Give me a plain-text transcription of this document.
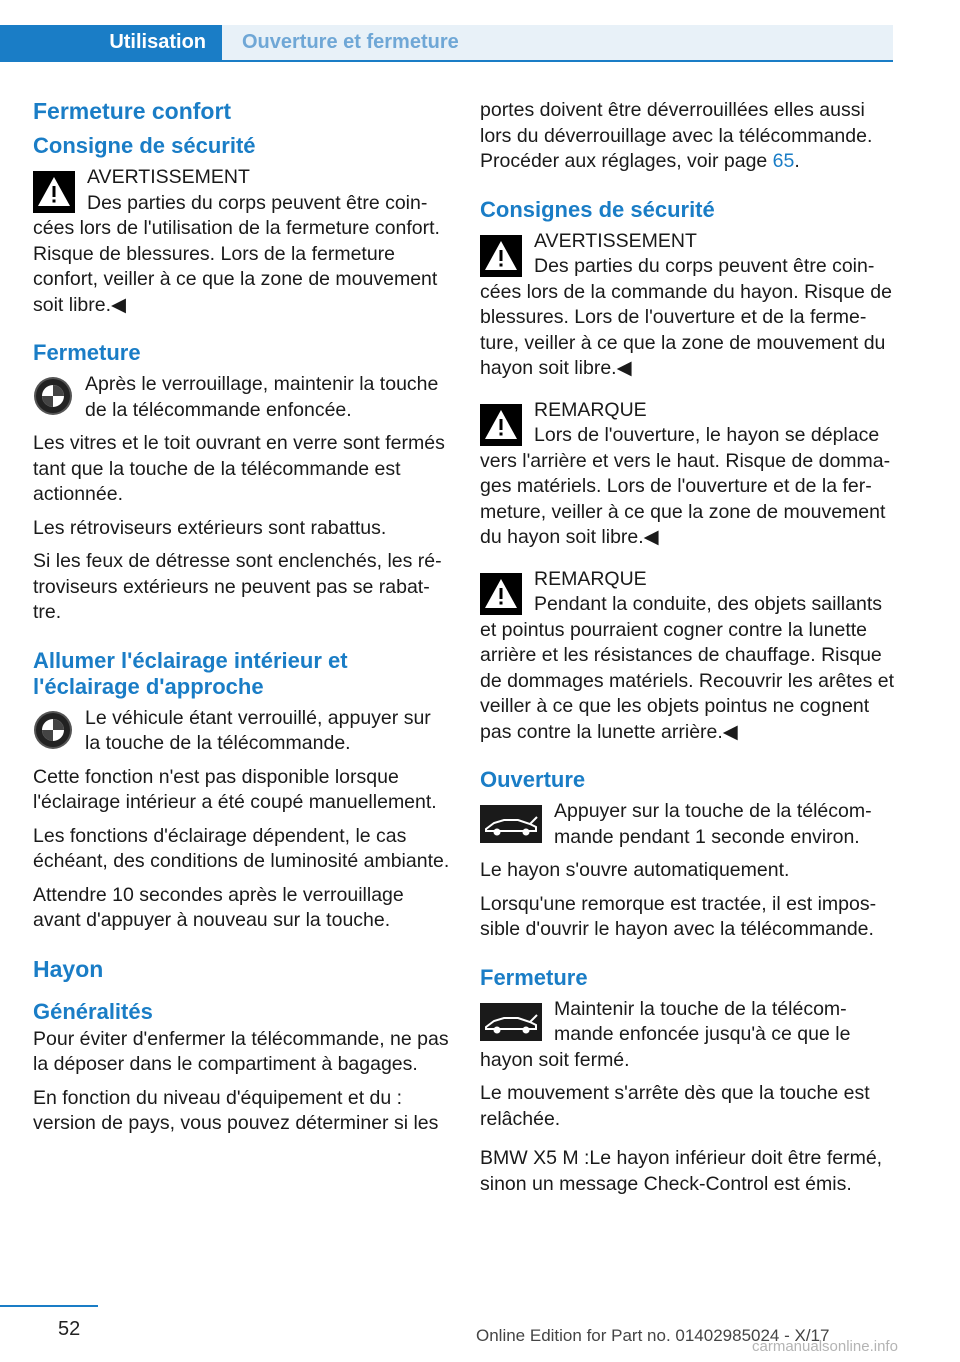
Utilisation	Ouverture et fermeture
Fermeture confort
Consigne de sécurité
AVERTISSEMENT
Des parties du corps peuvent être coincées lors de l'utilisation de la fermeture confort. Risque de blessures. Lors de la fermeture confort, veiller à ce que la zone de mouvement soit libre.◀
Fermeture
Après le verrouillage, maintenir la touche de la télécommande enfoncée.

Les vitres et le toit ouvrant en verre sont fermés tant que la touche de la télécommande est actionnée.

Les rétroviseurs extérieurs sont rabattus.

Si les feux de détresse sont enclenchés, les rétroviseurs extérieurs ne peuvent pas se rabattre.

Allumer l'éclairage intérieur et l'éclairage d'approche
Le véhicule étant verrouillé, appuyer sur la touche de la télécommande.

Cette fonction n'est pas disponible lorsque l'éclairage intérieur a été coupé manuellement.

Les fonctions d'éclairage dépendent, le cas échéant, des conditions de luminosité ambiante.

Attendre 10 secondes après le verrouillage avant d'appuyer à nouveau sur la touche.

Hayon
Généralités

Pour éviter d'enfermer la télécommande, ne pas la déposer dans le compartiment à bagages.

En fonction du niveau d'équipement et du : version de pays, vous pouvez déterminer si les

portes doivent être déverrouillées elles aussi lors du déverrouillage avec la télécommande. Procéder aux réglages, voir page 65.

Consignes de sécurité
AVERTISSEMENT
Des parties du corps peuvent être coincées lors de la commande du hayon. Risque de blessures. Lors de l'ouverture et de la fermeture, veiller à ce que la zone de mouvement du hayon soit libre.◀
REMARQUE
Lors de l'ouverture, le hayon se déplace vers l'arrière et vers le haut. Risque de dommages matériels. Lors de l'ouverture et de la fermeture, veiller à ce que la zone de mouvement du hayon soit libre.◀
REMARQUE
Pendant la conduite, des objets saillants et pointus pourraient cogner contre la lunette arrière et les résistances de chauffage. Risque de dommages matériels. Recouvrir les arêtes et veiller à ce que les objets pointus ne cognent pas contre la lunette arrière.◀
Ouverture
Appuyer sur la touche de la télécommande pendant 1 seconde environ.

Le hayon s'ouvre automatiquement.

Lorsqu'une remorque est tractée, il est impossible d'ouvrir le hayon avec la télécommande.

Fermeture
Maintenir la touche de la télécommande enfoncée jusqu'à ce que le hayon soit fermé.

Le mouvement s'arrête dès que la touche est relâchée.

BMW X5 M :Le hayon inférieur doit être fermé, sinon un message Check-Control est émis.

52	Online Edition for Part no. 01402985024 - X/17
carmanualsonline.info
